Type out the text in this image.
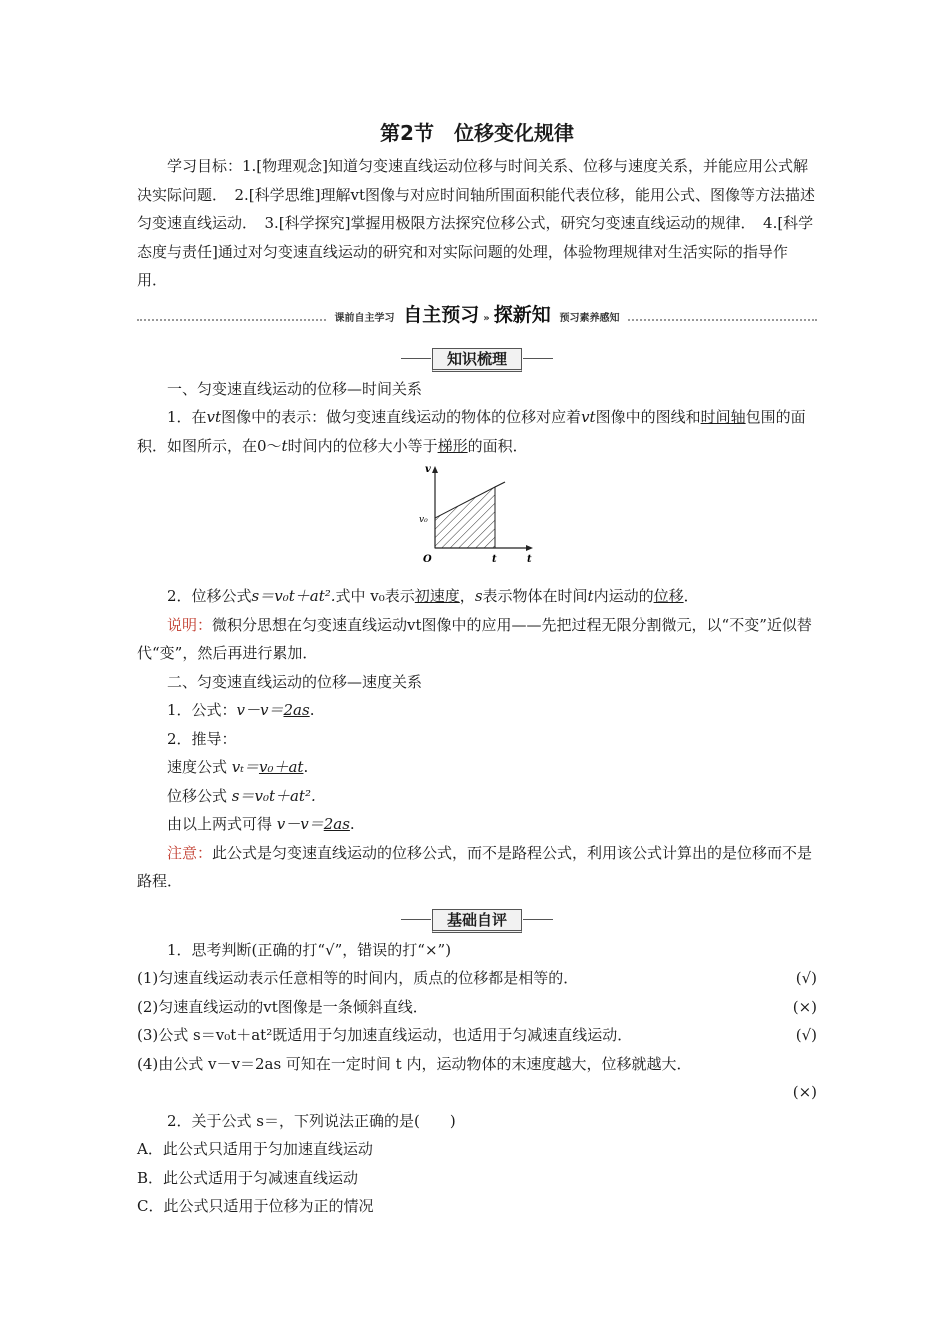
第2节　位移变化规律

学习目标：1.[物理观念]知道匀变速直线运动位移与时间关系、位移与速度关系，并能应用公式解决实际问题．　2.[科学思维]理解vt图像与对应时间轴所围面积能代表位移，能用公式、图像等方法描述匀变速直线运动．　3.[科学探究]掌握用极限方法探究位移公式，研究匀变速直线运动的规律．　4.[科学态度与责任]通过对匀变速直线运动的研究和对实际问题的处理，体验物理规律对生活实际的指导作用．

课前自主学习 自主预习 » 探新知 预习素养感知
知识梳理

一、匀变速直线运动的位移—时间关系

1．在vt图像中的表示：做匀变速直线运动的物体的位移对应着vt图像中的图线和时间轴包围的面积．如图所示，在0～t时间内的位移大小等于梯形的面积．

v
v₀
O	t	t

2．位移公式s＝v₀t＋at².式中 v₀表示初速度，s表示物体在时间t内运动的位移．

说明：微积分思想在匀变速直线运动vt图像中的应用——先把过程无限分割微元，以“不变”近似替代“变”，然后再进行累加．

二、匀变速直线运动的位移—速度关系

1．公式：v－v＝2as.

2．推导：

速度公式 vₜ＝v₀＋at.

位移公式 s＝v₀t＋at².

由以上两式可得 v－v＝2as.

注意：此公式是匀变速直线运动的位移公式，而不是路程公式，利用该公式计算出的是位移而不是路程．

基础自评

1．思考判断(正确的打“√”，错误的打“×”)

(1)匀速直线运动表示任意相等的时间内，质点的位移都是相等的．	(√)
(2)匀速直线运动的vt图像是一条倾斜直线．	(×)
(3)公式 s＝v₀t＋at²既适用于匀加速直线运动，也适用于匀减速直线运动．	(√)

(4)由公式 v－v＝2as 可知在一定时间 t 内，运动物体的末速度越大，位移就越大．

(×)

2．关于公式 s＝，下列说法正确的是(　　)

A．此公式只适用于匀加速直线运动

B．此公式适用于匀减速直线运动

C．此公式只适用于位移为正的情况
